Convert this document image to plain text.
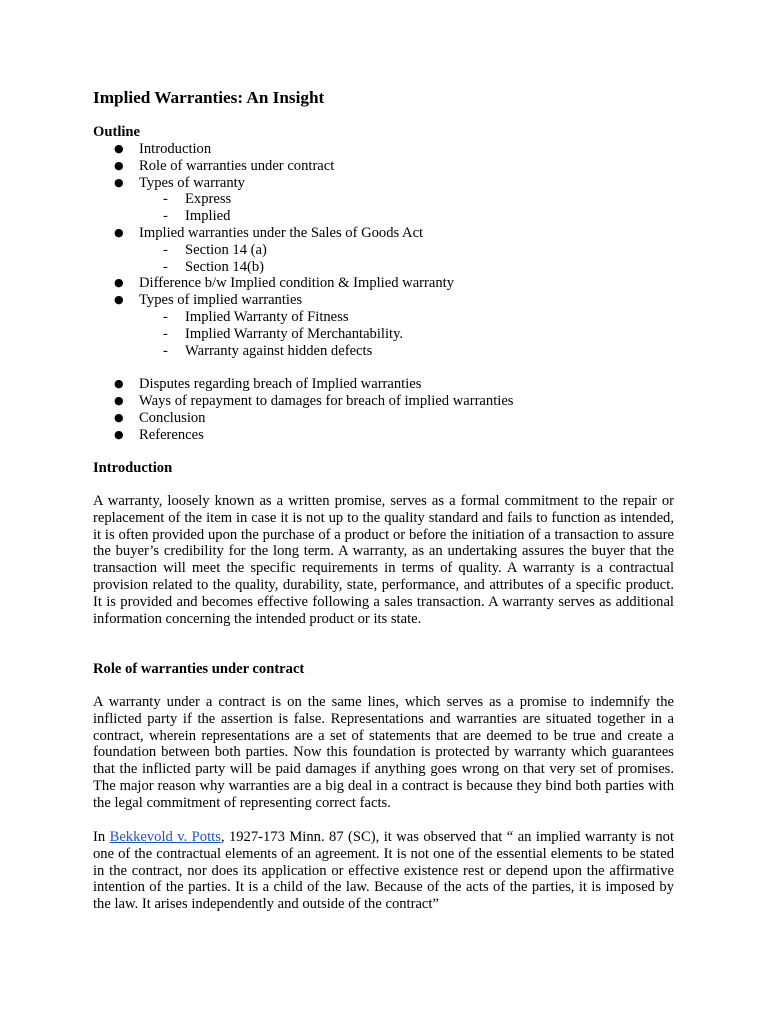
Implied Warranties: An Insight
Outline
● Introduction
● Role of warranties under contract
● Types of warranty
- Express
- Implied
● Implied warranties under the Sales of Goods Act
- Section 14 (a)
- Section 14(b)
● Difference b/w Implied condition & Implied warranty
● Types of implied warranties
- Implied Warranty of Fitness
- Implied Warranty of Merchantability.
- Warranty against hidden defects
● Disputes regarding breach of Implied warranties
● Ways of repayment to damages for breach of implied warranties
● Conclusion
● References
Introduction

A warranty, loosely known as a written promise, serves as a formal commitment to the repair or replacement of the item in case it is not up to the quality standard and fails to function as intended, it is often provided upon the purchase of a product or before the initiation of a transaction to assure the buyer’s credibility for the long term. A warranty, as an undertaking assures the buyer that the transaction will meet the specific requirements in terms of quality. A warranty is a contractual provision related to the quality, durability, state, performance, and attributes of a specific product. It is provided and becomes effective following a sales transaction. A warranty serves as additional information concerning the intended product or its state.

Role of warranties under contract

A warranty under a contract is on the same lines, which serves as a promise to indemnify the inflicted party if the assertion is false. Representations and warranties are situated together in a contract, wherein representations are a set of statements that are deemed to be true and create a foundation between both parties. Now this foundation is protected by warranty which guarantees that the inflicted party will be paid damages if anything goes wrong on that very set of promises. The major reason why warranties are a big deal in a contract is because they bind both parties with the legal commitment of representing correct facts.

In Bekkevold v. Potts, 1927-173 Minn. 87 (SC), it was observed that “ an implied warranty is not one of the contractual elements of an agreement. It is not one of the essential elements to be stated in the contract, nor does its application or effective existence rest or depend upon the affirmative intention of the parties. It is a child of the law. Because of the acts of the parties, it is imposed by the law. It arises independently and outside of the contract”
